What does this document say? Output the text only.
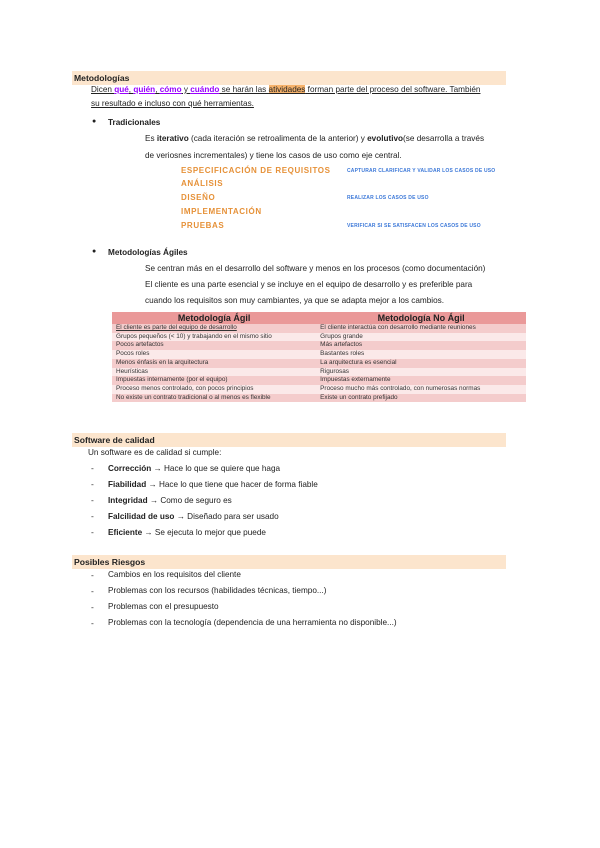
Metodologías
Dicen qué, quién, cómo y cuándo se harán las atividades forman parte del proceso del software. También
su resultado e incluso con qué herramientas.
● Tradicionales
Es iterativo (cada iteración se retroalimenta de la anterior) y evolutivo(se desarrolla a través
de veriosnes incrementales) y tiene los casos de uso como eje central.
ESPECIFICACIÓN DE REQUISITOS	CAPTURAR CLARIFICAR Y VALIDAR LOS CASOS DE USO
ANÁLISIS
DISEÑO	REALIZAR LOS CASOS DE USO
IMPLEMENTACIÓN
PRUEBAS	VERIFICAR SI SE SATISFACEN LOS CASOS DE USO
● Metodologías Ágiles
Se centran más en el desarrollo del software y menos en los procesos (como documentación)
El cliente es una parte esencial y se incluye en el equipo de desarrollo y es preferible para
cuando los requisitos son muy cambiantes, ya que se adapta mejor a los cambios.
Metodología Ágil	Metodología No Ágil
El cliente es parte del equipo de desarrollo	El cliente interactúa con desarrollo mediante reuniones
Grupos pequeños (< 10) y trabajando en el mismo sitio	Grupos grande
Pocos artefactos	Más artefactos
Pocos roles	Bastantes roles
Menos énfasis en la arquitectura	La arquitectura es esencial
Heurísticas	Rigurosas
Impuestas internamente (por el equipo)	Impuestas externamente
Proceso menos controlado, con pocos principios	Proceso mucho más controlado, con numerosas normas
No existe un contrato tradicional o al menos es flexible	Existe un contrato prefijado
Software de calidad
Un software es de calidad si cumple:
- Corrección → Hace lo que se quiere que haga
- Fiabilidad → Hace lo que tiene que hacer de forma fiable
- Integridad → Como de seguro es
- Falcilidad de uso → Diseñado para ser usado
- Eficiente → Se ejecuta lo mejor que puede
Posibles Riesgos
- Cambios en los requisitos del cliente
- Problemas con los recursos (habilidades técnicas, tiempo...)
- Problemas con el presupuesto
- Problemas con la tecnología (dependencia de una herramienta no disponible...)
